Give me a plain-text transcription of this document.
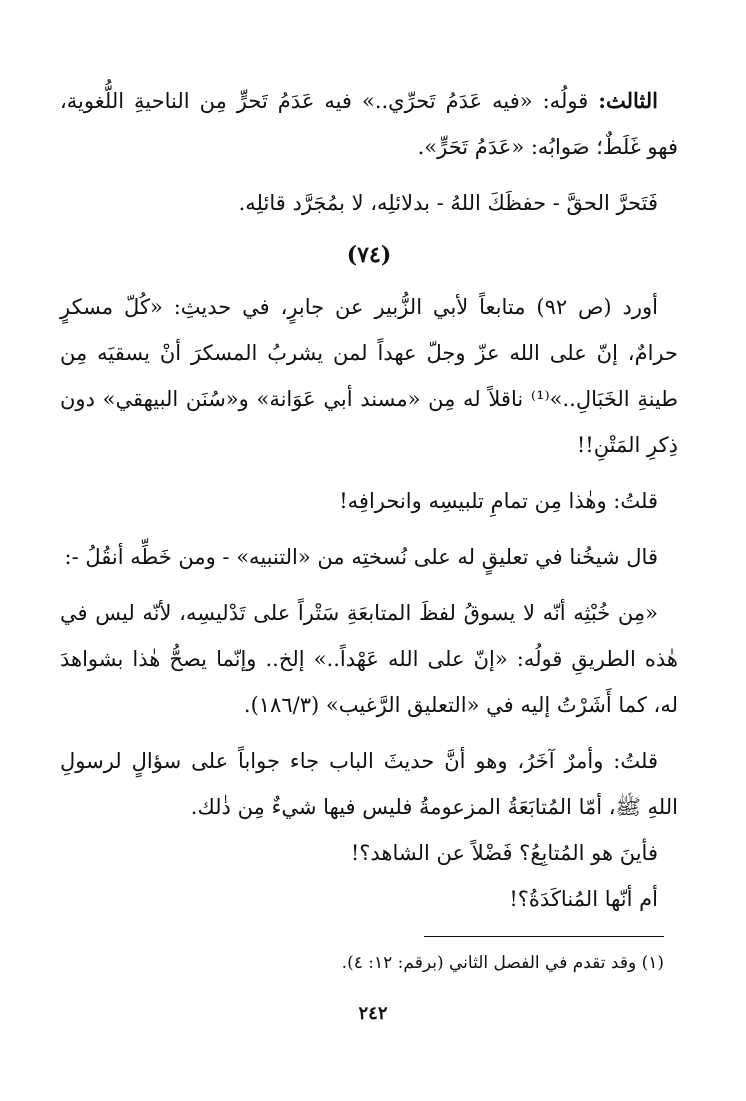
الثالث: قولُه: «فيه عَدَمُ تَحرِّي..» فيه عَدَمُ تَحرٍّ مِن الناحيةِ اللُّغوية، فهو غَلَطٌ؛ صَوابُه: «عَدَمُ تَحَرٍّ».

فَتَحرَّ الحقَّ - حفظَكَ اللهُ - بدلائلِه، لا بمُجَرَّد قائلِه.

(٧٤)

أورد (ص ٩٢) متابعاً لأبي الزُّبير عن جابرٍ، في حديثِ: «كُلّ مسكرٍ حرامٌ، إنّ على الله عزّ وجلّ عهداً لمن يشربُ المسكرَ أنْ يسقيَه مِن طينةِ الخَبَالِ..»⁽¹⁾ ناقلاً له مِن «مسند أبي عَوَانة» و«سُنَن البيهقي» دون ذِكرِ المَتْنِ!!

قلتُ: وهٰذا مِن تمامِ تلبيسِه وانحرافِه!

قال شيخُنا في تعليقٍ له على نُسختِه من «التنبيه» - ومن خَطِّه أنقُلُ -:

«مِن خُبْثِه أنّه لا يسوقُ لفظَ المتابعَةِ سَتْراً على تَدْليسِه، لأنّه ليس في هٰذه الطريقِ قولُه: «إنّ على الله عَهْداً..» إلخ.. وإنّما يصحُّ هٰذا بشواهدَ له، كما أَشَرْتُ إليه في «التعليق الرَّغيب» (١٨٦/٣).

قلتُ: وأمرٌ آخَرُ، وهو أنَّ حديثَ الباب جاء جواباً على سؤالٍ لرسولِ اللهِ ﷺ، أمّا المُتابَعَةُ المزعومةُ فليس فيها شيءٌ مِن ذٰلك.

فأينَ هو المُتابِعُ؟ فَضْلاً عن الشاهد؟!

أم أنّها المُناكَدَةُ؟!

(١) وقد تقدم في الفصل الثاني (برقم: ١٢: ٤).
٢٤٢
